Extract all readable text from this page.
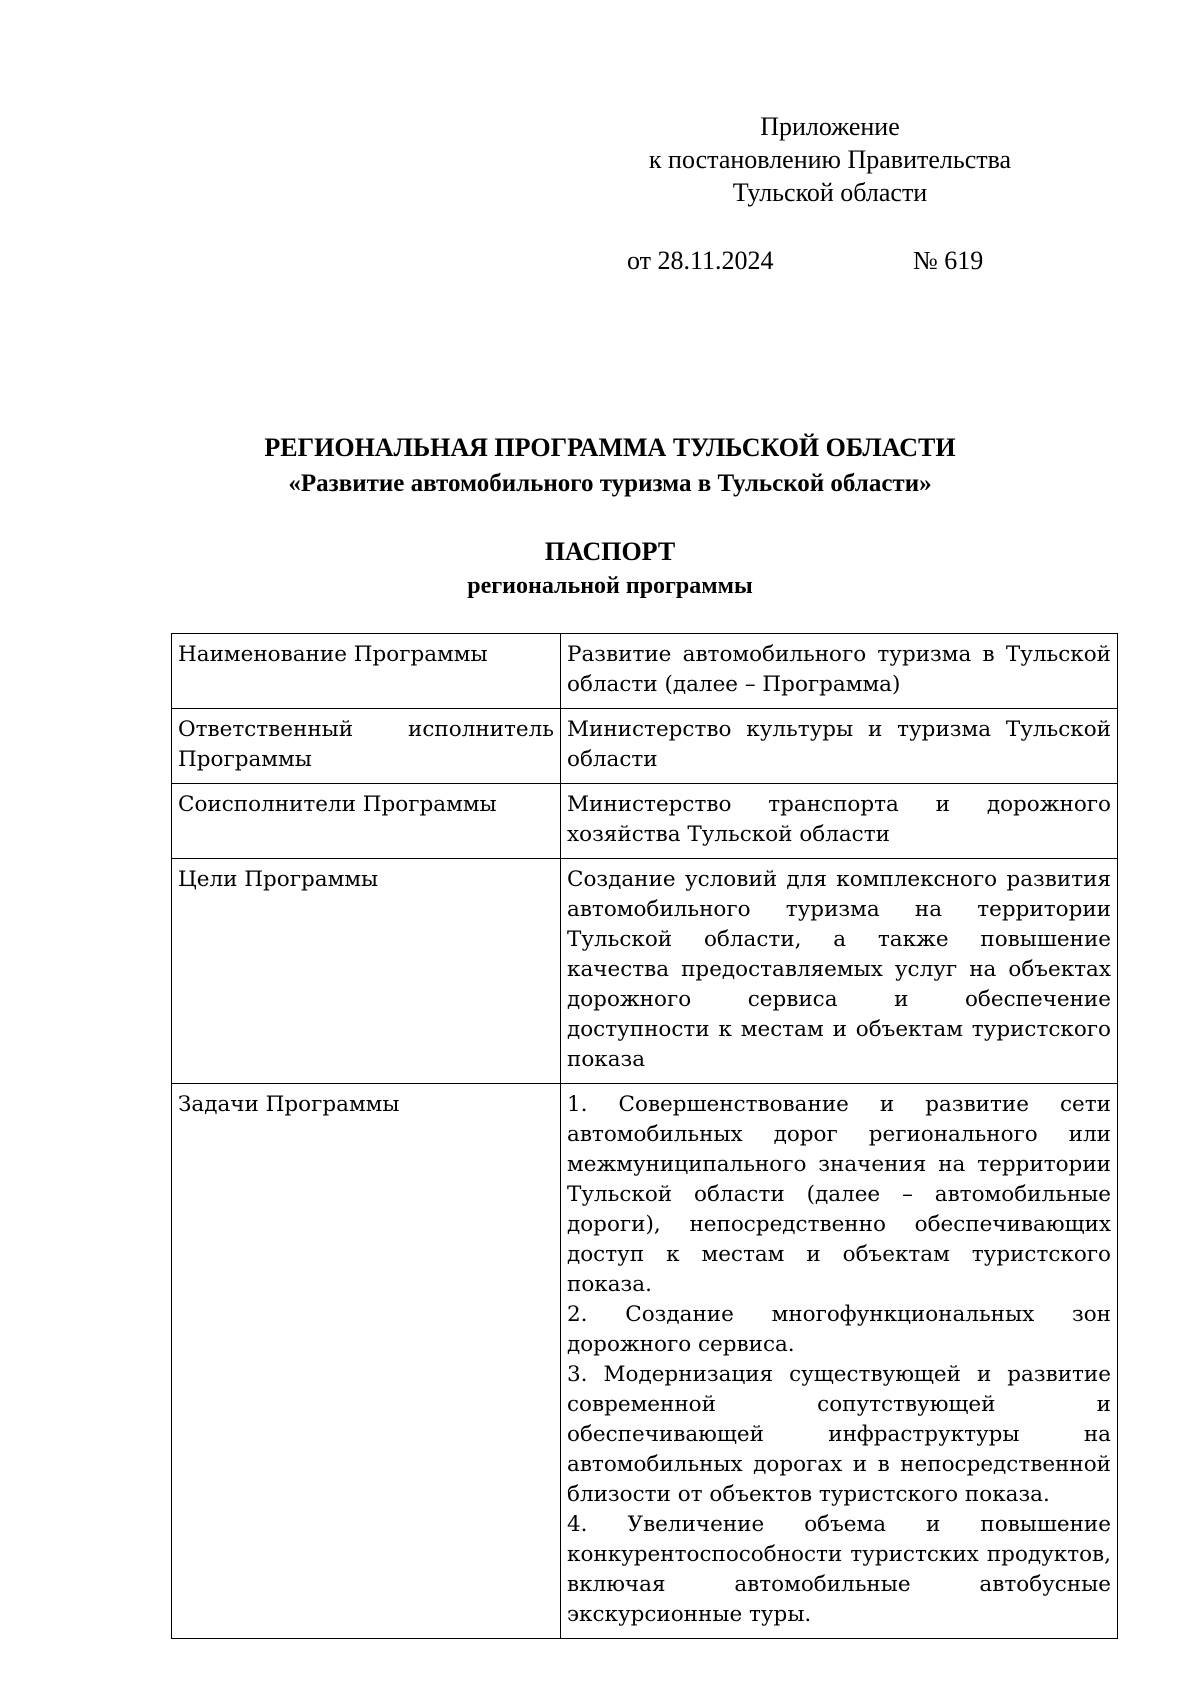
Приложение
к постановлению Правительства
Тульской области
от 28.11.2024	№ 619
РЕГИОНАЛЬНАЯ ПРОГРАММА ТУЛЬСКОЙ ОБЛАСТИ
«Развитие автомобильного туризма в Тульской области»
ПАСПОРТ
региональной программы
Наименование Программы	Развитие автомобильного туризма в Тульской области (далее – Программа)
Ответственный исполнитель Программы	Министерство культуры и туризма Тульской области
Соисполнители Программы	Министерство транспорта и дорожного хозяйства Тульской области
Цели Программы	Создание условий для комплексного развития автомобильного туризма на территории Тульской области, а также повышение качества предоставляемых услуг на объектах дорожного сервиса и обеспечение доступности к местам и объектам туристского показа
Задачи Программы	1. Совершенствование и развитие сети автомобильных дорог регионального или межмуниципального значения на территории Тульской области (далее – автомобильные дороги), непосредственно обеспечивающих доступ к местам и объектам туристского показа.
2. Создание многофункциональных зон дорожного сервиса.
3. Модернизация существующей и развитие современной сопутствующей и обеспечивающей инфраструктуры на автомобильных дорогах и в непосредственной близости от объектов туристского показа.
4. Увеличение объема и повышение конкурентоспособности туристских продуктов, включая автомобильные автобусные экскурсионные туры.
